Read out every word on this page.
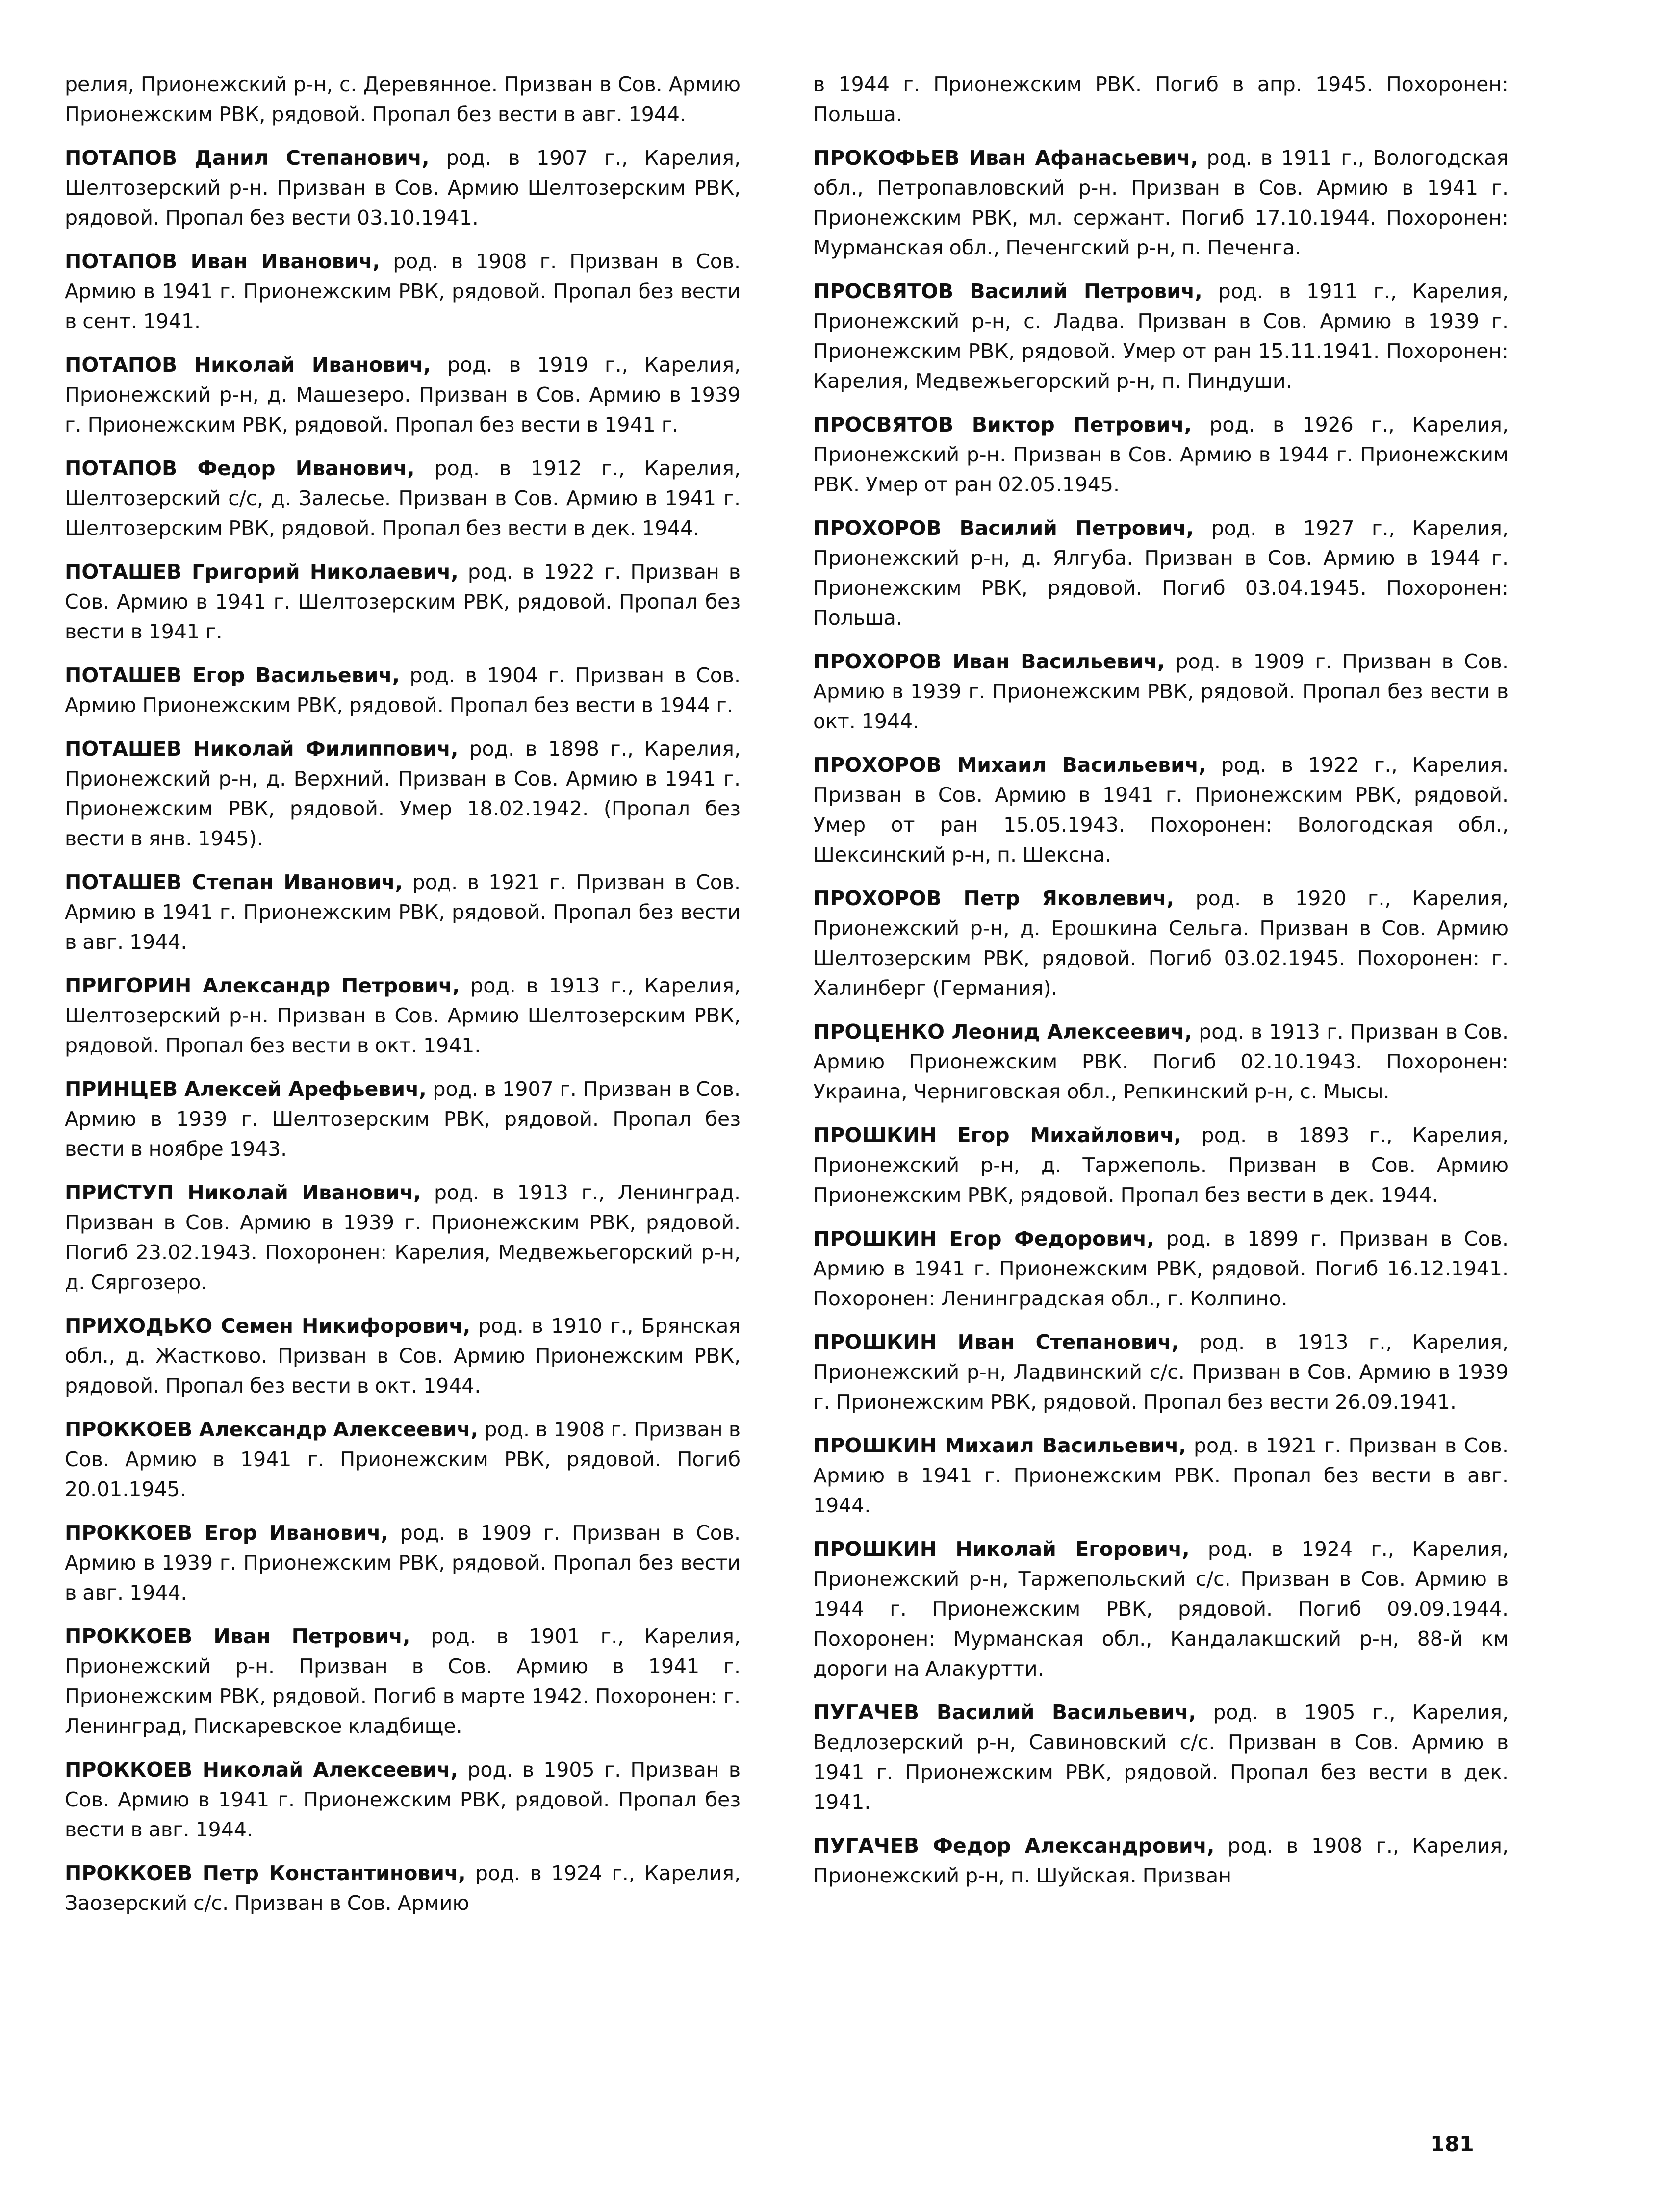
релия, Прионежский р-н, с. Деревянное. Призван в Сов. Армию Прионежским РВК, рядовой. Пропал без вести в авг. 1944.

ПОТАПОВ Данил Степанович, род. в 1907 г., Карелия, Шелтозерский р-н. Призван в Сов. Армию Шелтозерским РВК, рядовой. Пропал без вести 03.10.1941.

ПОТАПОВ Иван Иванович, род. в 1908 г. Призван в Сов. Армию в 1941 г. Прионежским РВК, рядовой. Пропал без вести в сент. 1941.

ПОТАПОВ Николай Иванович, род. в 1919 г., Карелия, Прионежский р-н, д. Машезеро. Призван в Сов. Армию в 1939 г. Прионежским РВК, рядовой. Пропал без вести в 1941 г.

ПОТАПОВ Федор Иванович, род. в 1912 г., Карелия, Шелтозерский с/с, д. Залесье. Призван в Сов. Армию в 1941 г. Шелтозерским РВК, рядовой. Пропал без вести в дек. 1944.

ПОТАШЕВ Григорий Николаевич, род. в 1922 г. Призван в Сов. Армию в 1941 г. Шелтозерским РВК, рядовой. Пропал без вести в 1941 г.

ПОТАШЕВ Егор Васильевич, род. в 1904 г. Призван в Сов. Армию Прионежским РВК, рядовой. Пропал без вести в 1944 г.

ПОТАШЕВ Николай Филиппович, род. в 1898 г., Карелия, Прионежский р-н, д. Верхний. Призван в Сов. Армию в 1941 г. Прионежским РВК, рядовой. Умер 18.02.1942. (Пропал без вести в янв. 1945).

ПОТАШЕВ Степан Иванович, род. в 1921 г. Призван в Сов. Армию в 1941 г. Прионежским РВК, рядовой. Пропал без вести в авг. 1944.

ПРИГОРИН Александр Петрович, род. в 1913 г., Карелия, Шелтозерский р-н. Призван в Сов. Армию Шелтозерским РВК, рядовой. Пропал без вести в окт. 1941.

ПРИНЦЕВ Алексей Арефьевич, род. в 1907 г. Призван в Сов. Армию в 1939 г. Шелтозерским РВК, рядовой. Пропал без вести в ноябре 1943.

ПРИСТУП Николай Иванович, род. в 1913 г., Ленинград. Призван в Сов. Армию в 1939 г. Прионежским РВК, рядовой. Погиб 23.02.1943. Похоронен: Карелия, Медвежьегорский р-н, д. Сяргозеро.

ПРИХОДЬКО Семен Никифорович, род. в 1910 г., Брянская обл., д. Жастково. Призван в Сов. Армию Прионежским РВК, рядовой. Пропал без вести в окт. 1944.

ПРОККОЕВ Александр Алексеевич, род. в 1908 г. Призван в Сов. Армию в 1941 г. Прионежским РВК, рядовой. Погиб 20.01.1945.

ПРОККОЕВ Егор Иванович, род. в 1909 г. Призван в Сов. Армию в 1939 г. Прионежским РВК, рядовой. Пропал без вести в авг. 1944.

ПРОККОЕВ Иван Петрович, род. в 1901 г., Карелия, Прионежский р-н. Призван в Сов. Армию в 1941 г. Прионежским РВК, рядовой. Погиб в марте 1942. Похоронен: г. Ленинград, Пискаревское кладбище.

ПРОККОЕВ Николай Алексеевич, род. в 1905 г. Призван в Сов. Армию в 1941 г. Прионежским РВК, рядовой. Пропал без вести в авг. 1944.

ПРОККОЕВ Петр Константинович, род. в 1924 г., Карелия, Заозерский с/с. Призван в Сов. Армию

в 1944 г. Прионежским РВК. Погиб в апр. 1945. Похоронен: Польша.

ПРОКОФЬЕВ Иван Афанасьевич, род. в 1911 г., Вологодская обл., Петропавловский р-н. Призван в Сов. Армию в 1941 г. Прионежским РВК, мл. сержант. Погиб 17.10.1944. Похоронен: Мурманская обл., Печенгский р-н, п. Печенга.

ПРОСВЯТОВ Василий Петрович, род. в 1911 г., Карелия, Прионежский р-н, с. Ладва. Призван в Сов. Армию в 1939 г. Прионежским РВК, рядовой. Умер от ран 15.11.1941. Похоронен: Карелия, Медвежьегорский р-н, п. Пиндуши.

ПРОСВЯТОВ Виктор Петрович, род. в 1926 г., Карелия, Прионежский р-н. Призван в Сов. Армию в 1944 г. Прионежским РВК. Умер от ран 02.05.1945.

ПРОХОРОВ Василий Петрович, род. в 1927 г., Карелия, Прионежский р-н, д. Ялгуба. Призван в Сов. Армию в 1944 г. Прионежским РВК, рядовой. Погиб 03.04.1945. Похоронен: Польша.

ПРОХОРОВ Иван Васильевич, род. в 1909 г. Призван в Сов. Армию в 1939 г. Прионежским РВК, рядовой. Пропал без вести в окт. 1944.

ПРОХОРОВ Михаил Васильевич, род. в 1922 г., Карелия. Призван в Сов. Армию в 1941 г. Прионежским РВК, рядовой. Умер от ран 15.05.1943. Похоронен: Вологодская обл., Шексинский р-н, п. Шексна.

ПРОХОРОВ Петр Яковлевич, род. в 1920 г., Карелия, Прионежский р-н, д. Ерошкина Сельга. Призван в Сов. Армию Шелтозерским РВК, рядовой. Погиб 03.02.1945. Похоронен: г. Халинберг (Германия).

ПРОЦЕНКО Леонид Алексеевич, род. в 1913 г. Призван в Сов. Армию Прионежским РВК. Погиб 02.10.1943. Похоронен: Украина, Черниговская обл., Репкинский р-н, с. Мысы.

ПРОШКИН Егор Михайлович, род. в 1893 г., Карелия, Прионежский р-н, д. Таржеполь. Призван в Сов. Армию Прионежским РВК, рядовой. Пропал без вести в дек. 1944.

ПРОШКИН Егор Федорович, род. в 1899 г. Призван в Сов. Армию в 1941 г. Прионежским РВК, рядовой. Погиб 16.12.1941. Похоронен: Ленинградская обл., г. Колпино.

ПРОШКИН Иван Степанович, род. в 1913 г., Карелия, Прионежский р-н, Ладвинский с/с. Призван в Сов. Армию в 1939 г. Прионежским РВК, рядовой. Пропал без вести 26.09.1941.

ПРОШКИН Михаил Васильевич, род. в 1921 г. Призван в Сов. Армию в 1941 г. Прионежским РВК. Пропал без вести в авг. 1944.

ПРОШКИН Николай Егорович, род. в 1924 г., Карелия, Прионежский р-н, Таржепольский с/с. Призван в Сов. Армию в 1944 г. Прионежским РВК, рядовой. Погиб 09.09.1944. Похоронен: Мурманская обл., Кандалакшский р-н, 88-й км дороги на Алакуртти.

ПУГАЧЕВ Василий Васильевич, род. в 1905 г., Карелия, Ведлозерский р-н, Савиновский с/с. Призван в Сов. Армию в 1941 г. Прионежским РВК, рядовой. Пропал без вести в дек. 1941.

ПУГАЧЕВ Федор Александрович, род. в 1908 г., Карелия, Прионежский р-н, п. Шуйская. Призван

181
